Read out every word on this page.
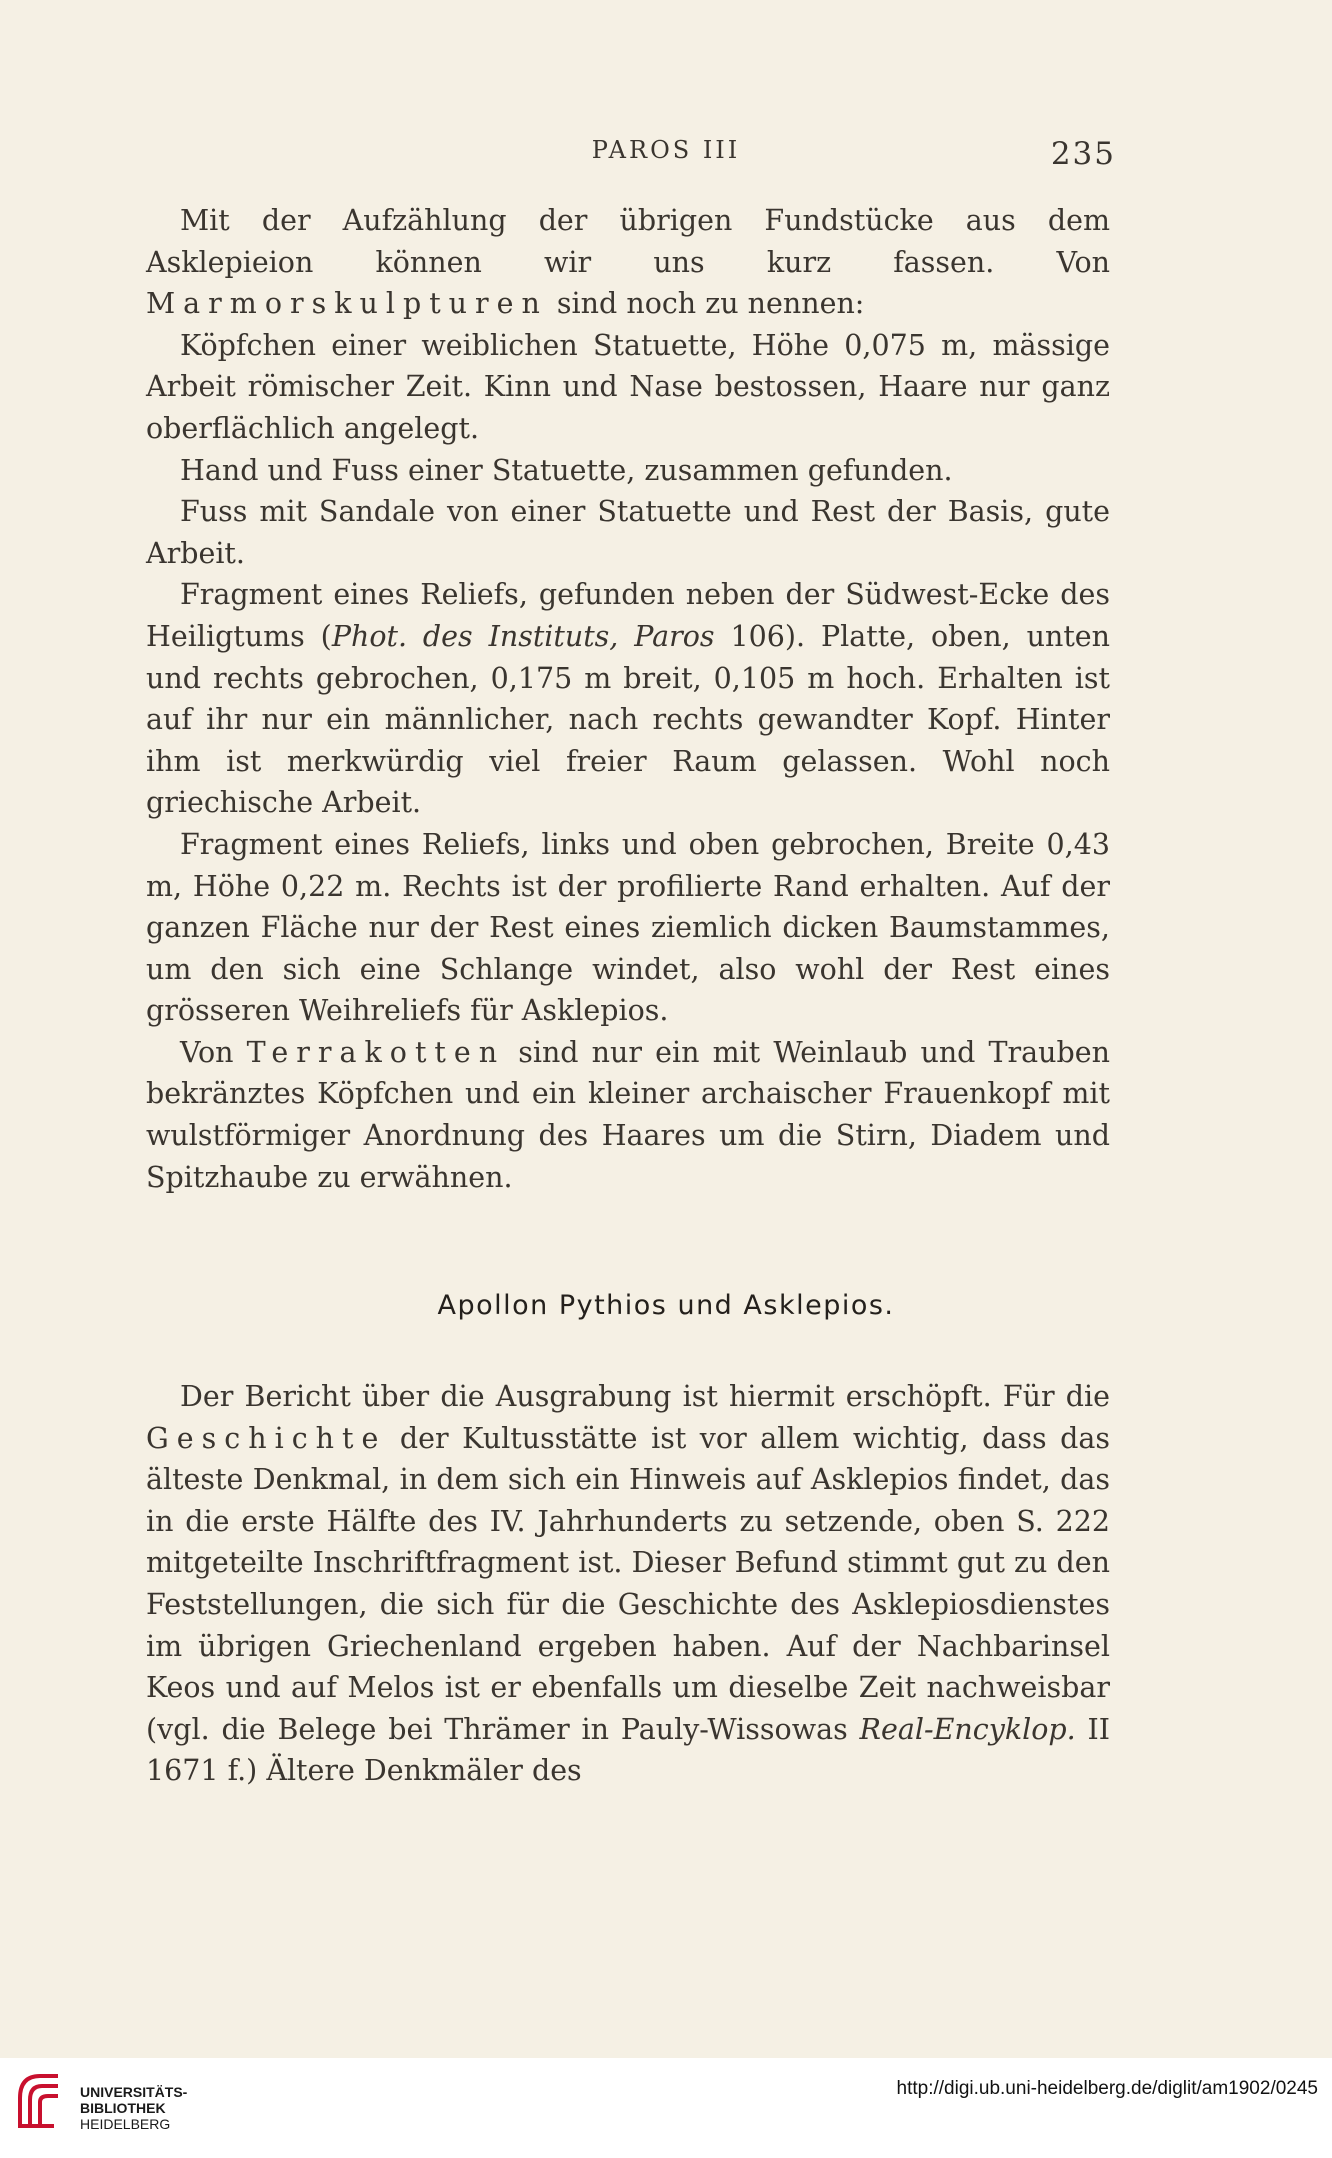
PAROS III	235

Mit der Aufzählung der übrigen Fundstücke aus dem Asklepieion können wir uns kurz fassen. Von Marmorskulpturen sind noch zu nennen:

Köpfchen einer weiblichen Statuette, Höhe 0,075 m, mässige Arbeit römischer Zeit. Kinn und Nase bestossen, Haare nur ganz oberflächlich angelegt.

Hand und Fuss einer Statuette, zusammen gefunden.

Fuss mit Sandale von einer Statuette und Rest der Basis, gute Arbeit.

Fragment eines Reliefs, gefunden neben der Südwest-Ecke des Heiligtums (Phot. des Instituts, Paros 106). Platte, oben, unten und rechts gebrochen, 0,175 m breit, 0,105 m hoch. Erhalten ist auf ihr nur ein männlicher, nach rechts gewandter Kopf. Hinter ihm ist merkwürdig viel freier Raum gelassen. Wohl noch griechische Arbeit.

Fragment eines Reliefs, links und oben gebrochen, Breite 0,43 m, Höhe 0,22 m. Rechts ist der profilierte Rand erhalten. Auf der ganzen Fläche nur der Rest eines ziemlich dicken Baumstammes, um den sich eine Schlange windet, also wohl der Rest eines grösseren Weihreliefs für Asklepios.

Von Terrakotten sind nur ein mit Weinlaub und Trauben bekränztes Köpfchen und ein kleiner archaischer Frauenkopf mit wulstförmiger Anordnung des Haares um die Stirn, Diadem und Spitzhaube zu erwähnen.

Apollon Pythios und Asklepios.

Der Bericht über die Ausgrabung ist hiermit erschöpft. Für die Geschichte der Kultusstätte ist vor allem wichtig, dass das älteste Denkmal, in dem sich ein Hinweis auf Asklepios findet, das in die erste Hälfte des IV. Jahrhunderts zu setzende, oben S. 222 mitgeteilte Inschriftfragment ist. Dieser Befund stimmt gut zu den Feststellungen, die sich für die Geschichte des Asklepiosdienstes im übrigen Griechenland ergeben haben. Auf der Nachbarinsel Keos und auf Melos ist er ebenfalls um dieselbe Zeit nachweisbar (vgl. die Belege bei Thrämer in Pauly-Wissowas Real-Encyklop. II 1671 f.) Ältere Denkmäler des

UNIVERSITÄTS-
BIBLIOTHEK
HEIDELBERG
http://digi.ub.uni-heidelberg.de/diglit/am1902/0245
